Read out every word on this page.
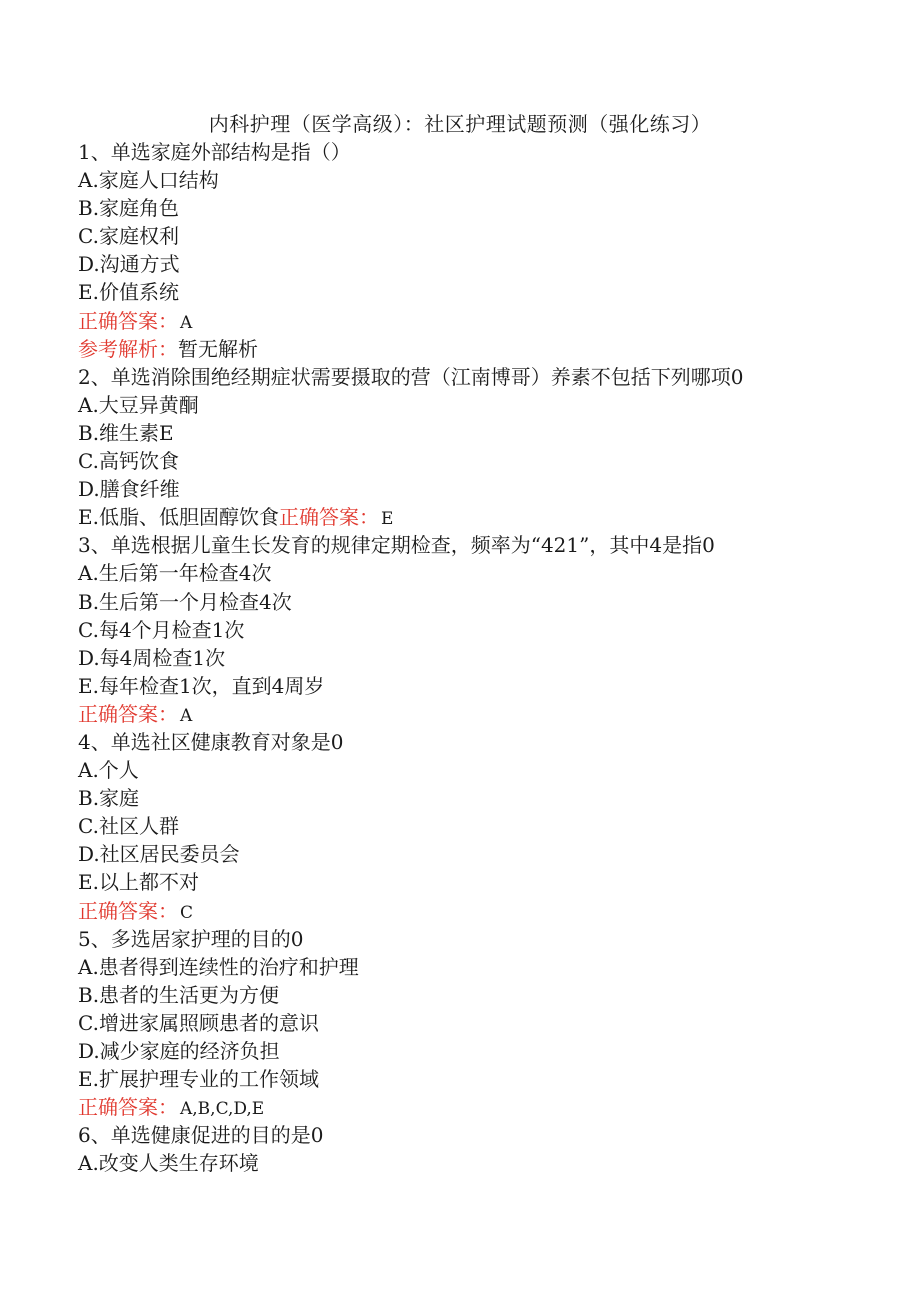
内科护理（医学高级）：社区护理试题预测（强化练习）
1、单选家庭外部结构是指（）
A.家庭人口结构
B.家庭角色
C.家庭权利
D.沟通方式
E.价值系统
正确答案： A
参考解析：暂无解析
2、单选消除围绝经期症状需要摄取的营（江南博哥）养素不包括下列哪项0
A.大豆异黄酮
B.维生素E
C.高钙饮食
D.膳食纤维
E.低脂、低胆固醇饮食正确答案： E
3、单选根据儿童生长发育的规律定期检查，频率为“421”，其中4是指0
A.生后第一年检查4次
B.生后第一个月检查4次
C.每4个月检查1次
D.每4周检查1次
E.每年检查1次，直到4周岁
正确答案： A
4、单选社区健康教育对象是0
A.个人
B.家庭
C.社区人群
D.社区居民委员会
E.以上都不对
正确答案： C
5、多选居家护理的目的0
A.患者得到连续性的治疗和护理
B.患者的生活更为方便
C.增进家属照顾患者的意识
D.减少家庭的经济负担
E.扩展护理专业的工作领域
正确答案： A,B,C,D,E
6、单选健康促进的目的是0
A.改变人类生存环境
